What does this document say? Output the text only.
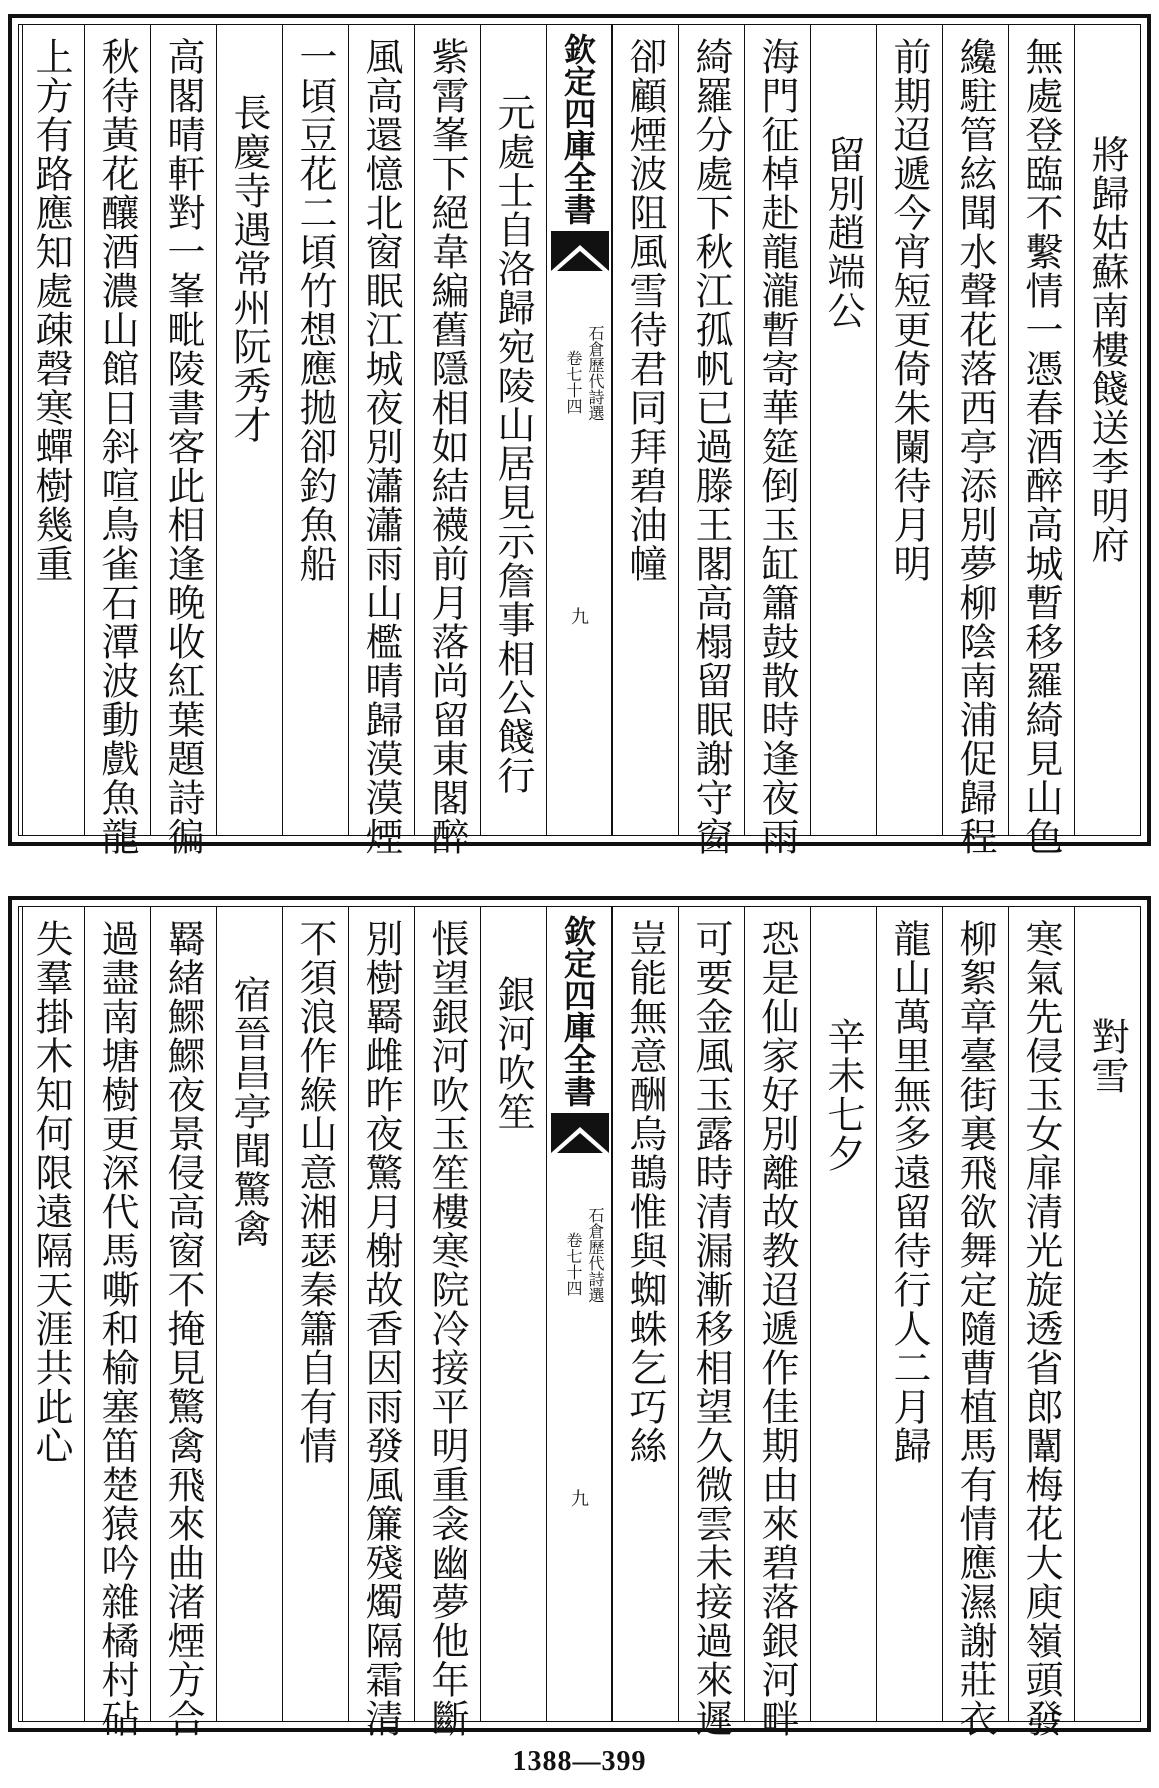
將歸姑蘇南樓餞送李明府
無處登臨不繫情一憑春酒醉高城暫移羅綺見山色
纔駐管絃聞水聲花落西亭添別夢柳陰南浦促歸程
前期迢遞今宵短更倚朱闌待月明
留別趙端公
海門征棹赴龍瀧暫寄華筵倒玉缸簫鼓散時逢夜雨
綺羅分處下秋江孤帆已過滕王閣高榻留眠謝守窗
卻顧煙波阻風雪待君同拜碧油幢
欽定四庫全書
石倉歷代詩選
卷七十四
九
元處士自洛歸宛陵山居見示詹事相公餞行
紫霄峯下絕韋編舊隱相如結襪前月落尚留東閣醉
風高還憶北窗眠江城夜別瀟瀟雨山檻晴歸漠漠煙
一頃豆花二頃竹想應拋卻釣魚船
長慶寺遇常州阮秀才
高閣晴軒對一峯毗陵書客此相逢晚收紅葉題詩徧
秋待黃花釀酒濃山館日斜喧鳥雀石潭波動戲魚龍
上方有路應知處疎磬寒蟬樹幾重
對雪
寒氣先侵玉女扉清光旋透省郎闈梅花大庾嶺頭發
柳絮章臺街裏飛欲舞定隨曹植馬有情應濕謝莊衣
龍山萬里無多遠留待行人二月歸
辛未七夕
恐是仙家好別離故教迢遞作佳期由來碧落銀河畔
可要金風玉露時清漏漸移相望久微雲未接過來遲
豈能無意酬烏鵲惟與蜘蛛乞巧絲
欽定四庫全書
石倉歷代詩選
卷七十四
九
銀河吹笙
悵望銀河吹玉笙樓寒院冷接平明重衾幽夢他年斷
別樹羇雌昨夜驚月榭故香因雨發風簾殘燭隔霜清
不須浪作緱山意湘瑟秦簫自有情
宿晉昌亭聞驚禽
羇緒鰥鰥夜景侵高窗不掩見驚禽飛來曲渚煙方合
過盡南塘樹更深代馬嘶和榆塞笛楚猿吟雜橘村砧
失羣掛木知何限遠隔天涯共此心
1388—399
